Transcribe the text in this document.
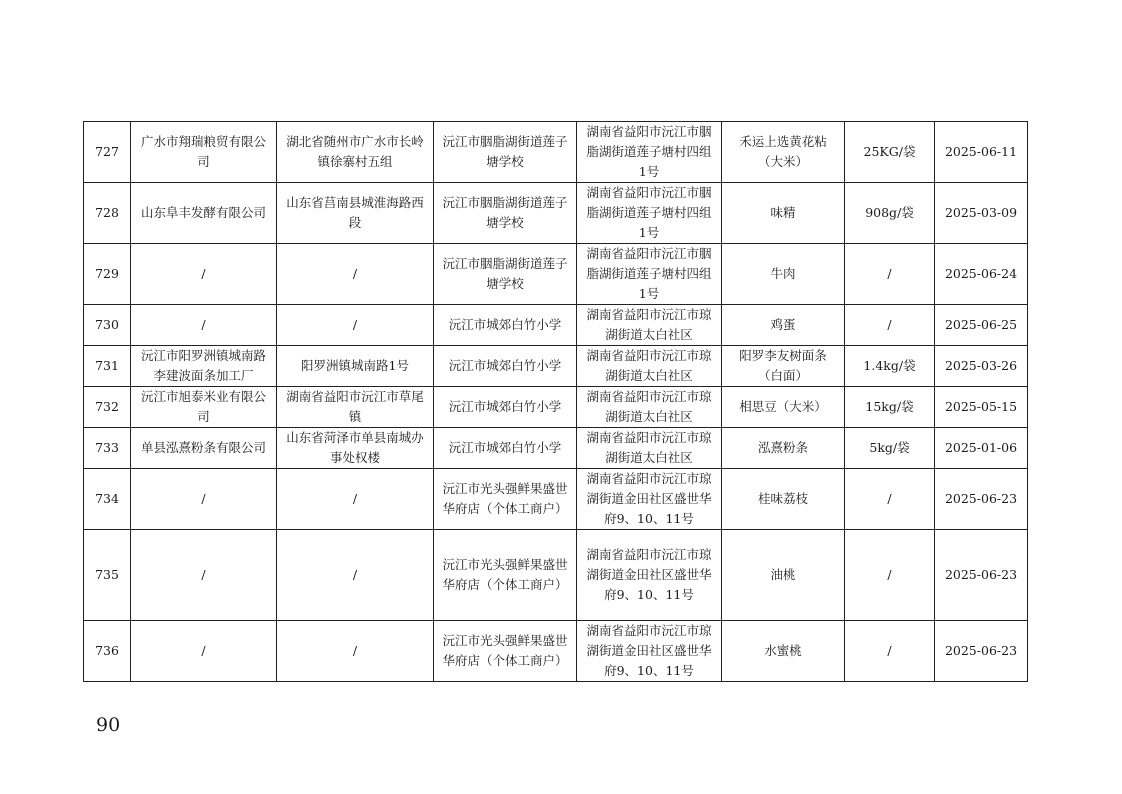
727	广水市翔瑞粮贸有限公司	湖北省随州市广水市长岭镇徐寨村五组	沅江市胭脂湖街道莲子塘学校	湖南省益阳市沅江市胭脂湖街道莲子塘村四组1号	禾运上选黄花粘（大米）	25KG/袋	2025-06-11
728	山东阜丰发酵有限公司	山东省莒南县城淮海路西段	沅江市胭脂湖街道莲子塘学校	湖南省益阳市沅江市胭脂湖街道莲子塘村四组1号	味精	908g/袋	2025-03-09
729	/	/	沅江市胭脂湖街道莲子塘学校	湖南省益阳市沅江市胭脂湖街道莲子塘村四组1号	牛肉	/	2025-06-24
730	/	/	沅江市城郊白竹小学	湖南省益阳市沅江市琼湖街道太白社区	鸡蛋	/	2025-06-25
731	沅江市阳罗洲镇城南路李建波面条加工厂	阳罗洲镇城南路1号	沅江市城郊白竹小学	湖南省益阳市沅江市琼湖街道太白社区	阳罗李友树面条（白面）	1.4kg/袋	2025-03-26
732	沅江市旭泰米业有限公司	湖南省益阳市沅江市草尾镇	沅江市城郊白竹小学	湖南省益阳市沅江市琼湖街道太白社区	相思豆（大米）	15kg/袋	2025-05-15
733	单县泓熹粉条有限公司	山东省菏泽市单县南城办事处权楼	沅江市城郊白竹小学	湖南省益阳市沅江市琼湖街道太白社区	泓熹粉条	5kg/袋	2025-01-06
734	/	/	沅江市光头强鲜果盛世华府店（个体工商户）	湖南省益阳市沅江市琼湖街道金田社区盛世华府9、10、11号	桂味荔枝	/	2025-06-23
735	/	/	沅江市光头强鲜果盛世华府店（个体工商户）	湖南省益阳市沅江市琼湖街道金田社区盛世华府9、10、11号	油桃	/	2025-06-23
736	/	/	沅江市光头强鲜果盛世华府店（个体工商户）	湖南省益阳市沅江市琼湖街道金田社区盛世华府9、10、11号	水蜜桃	/	2025-06-23
90
